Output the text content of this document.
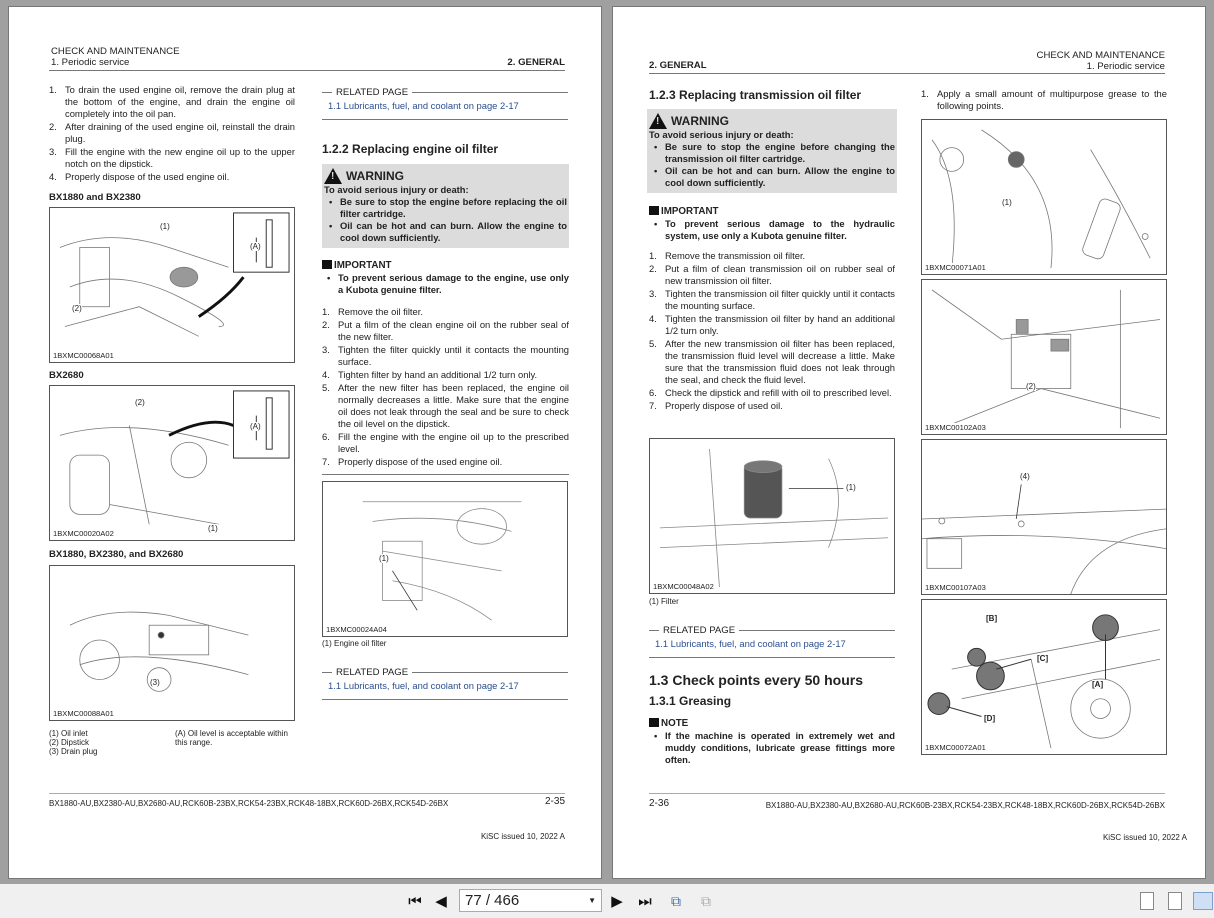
CHECK AND MAINTENANCE
1. Periodic service	2. GENERAL
1. To drain the used engine oil, remove the drain plug at the bottom of the engine, and drain the engine oil completely into the oil pan.
2. After draining of the used engine oil, reinstall the drain plug.
3. Fill the engine with the new engine oil up to the upper notch on the dipstick.
4. Properly dispose of the used engine oil.
BX1880 and BX2380
(1)
(2)
(A)
1BXMC00068A01
BX2680
(2)
(1)
(A)
1BXMC00020A02
BX1880, BX2380, and BX2680
(3)
1BXMC00088A01
(1) Oil inlet
(2) Dipstick
(3) Drain plug
(A) Oil level is acceptable within this range.
RELATED PAGE
1.1 Lubricants, fuel, and coolant on page 2-17
1.2.2 Replacing engine oil filter
!
WARNING
To avoid serious injury or death:
• Be sure to stop the engine before replacing the oil filter cartridge.
• Oil can be hot and can burn. Allow the engine to cool down sufficiently.
IMPORTANT
• To prevent serious damage to the engine, use only a Kubota genuine filter.
1. Remove the oil filter.
2. Put a film of the clean engine oil on the rubber seal of the new filter.
3. Tighten the filter quickly until it contacts the mounting surface.
4. Tighten filter by hand an additional 1/2 turn only.
5. After the new filter has been replaced, the engine oil normally decreases a little. Make sure that the engine oil does not leak through the seal and be sure to check the oil level on the dipstick.
6. Fill the engine with the engine oil up to the prescribed level.
7. Properly dispose of the used engine oil.
(1)
1BXMC00024A04
(1) Engine oil filter
RELATED PAGE
1.1 Lubricants, fuel, and coolant on page 2-17
BX1880-AU,BX2380-AU,BX2680-AU,RCK60B-23BX,RCK54-23BX,RCK48-18BX,RCK60D-26BX,RCK54D-26BX	2-35
KiSC issued 10, 2022 A
2. GENERAL
CHECK AND MAINTENANCE
1. Periodic service
1.2.3 Replacing transmission oil filter
!
WARNING
To avoid serious injury or death:
• Be sure to stop the engine before changing the transmission oil filter cartridge.
• Oil can be hot and can burn. Allow the engine to cool down sufficiently.
IMPORTANT
• To prevent serious damage to the hydraulic system, use only a Kubota genuine filter.
1. Remove the transmission oil filter.
2. Put a film of clean transmission oil on rubber seal of new transmission oil filter.
3. Tighten the transmission oil filter quickly until it contacts the mounting surface.
4. Tighten the transmission oil filter by hand an additional 1/2 turn only.
5. After the new transmission oil filter has been replaced, the transmission fluid level will decrease a little. Make sure that the transmission fluid does not leak through the seal, and check the fluid level.
6. Check the dipstick and refill with oil to prescribed level.
7. Properly dispose of used oil.
(1)
1BXMC00048A02
(1) Filter
RELATED PAGE
1.1 Lubricants, fuel, and coolant on page 2-17
1.3 Check points every 50 hours
1.3.1 Greasing
NOTE
• If the machine is operated in extremely wet and muddy conditions, lubricate grease fittings more often.
1. Apply a small amount of multipurpose grease to the following points.
(1)
1BXMC00071A01
(2)
1BXMC00102A03
(4)
1BXMC00107A03
[B]
[C]
[A]
[D]
1BXMC00072A01
2-36	BX1880-AU,BX2380-AU,BX2680-AU,RCK60B-23BX,RCK54-23BX,RCK48-18BX,RCK60D-26BX,RCK54D-26BX
KiSC issued 10, 2022 A
⏮ ◀	77 / 466	▼ ▶ ⏭ ⧉ ⧉
